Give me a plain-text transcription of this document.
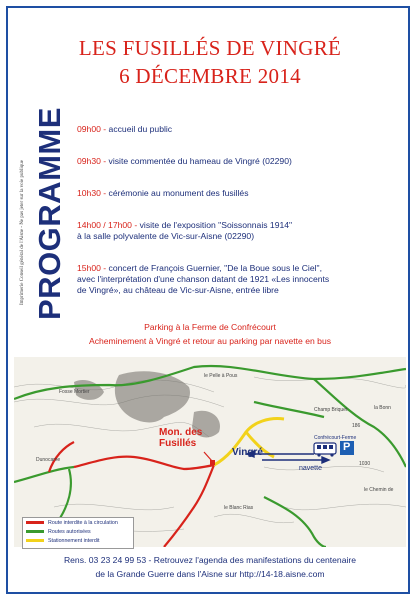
LES FUSILLÉS DE VINGRÉ
6 DÉCEMBRE 2014
PROGRAMME
Imprimerie Conseil général de l'Aisne - Ne pas jeter sur la voie publique
09h00 - accueil du public
09h30 - visite commentée du hameau de Vingré (02290)
10h30 - cérémonie au monument des fusillés
14h00 / 17h00 - visite de l'exposition "Soissonnais 1914"
à la salle polyvalente de Vic-sur-Aisne (02290)
15h00 - concert de François Guernier, "De la Boue sous le Ciel",
avec l'interprétation d'une chanson datant de 1921 «Les innocents
de Vingré», au château de Vic-sur-Aisne, entrée libre
Parking à la Ferme de Confrécourt
Acheminement à Vingré et retour au parking par navette en bus
Mon. des
Fusillés
Vingré
Confrécourt-Ferme
navette
P
la Bonn
Champ Briquet
le Pelle à Pous
le Chemin de
le Blanc Rias
Dunocame
Fosse Mortier
186
1030
Route interdite à la circulation
Routes autorisées
Stationnement interdit
Rens. 03 23 24 99 53 - Retrouvez l'agenda des manifestations du centenaire
de la Grande Guerre dans l'Aisne sur http://14-18.aisne.com
